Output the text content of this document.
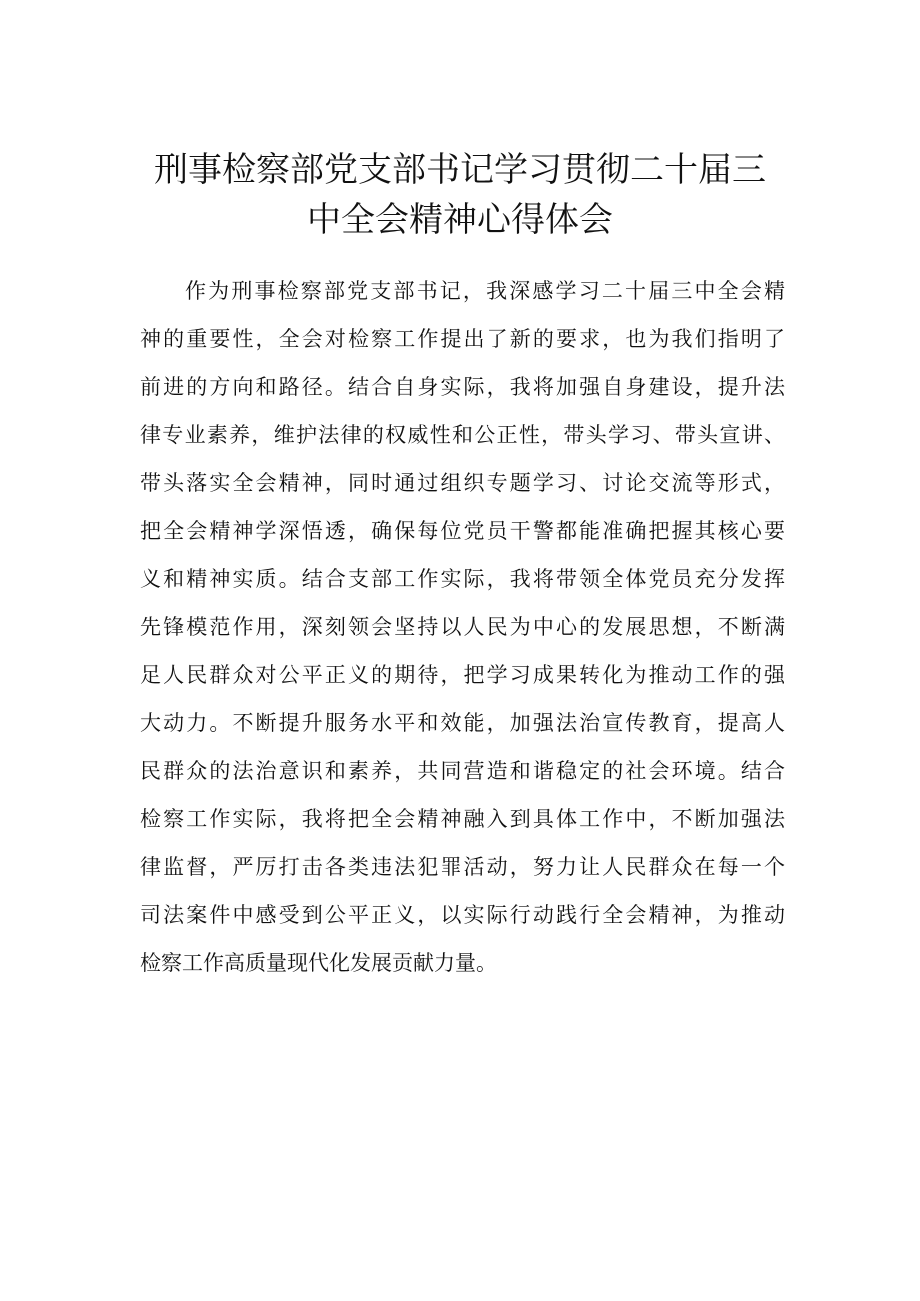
刑事检察部党支部书记学习贯彻二十届三
中全会精神心得体会
作为刑事检察部党支部书记，我深感学习二十届三中全会精
神的重要性，全会对检察工作提出了新的要求，也为我们指明了
前进的方向和路径。结合自身实际，我将加强自身建设，提升法
律专业素养，维护法律的权威性和公正性，带头学习、带头宣讲、
带头落实全会精神，同时通过组织专题学习、讨论交流等形式，
把全会精神学深悟透，确保每位党员干警都能准确把握其核心要
义和精神实质。结合支部工作实际，我将带领全体党员充分发挥
先锋模范作用，深刻领会坚持以人民为中心的发展思想，不断满
足人民群众对公平正义的期待，把学习成果转化为推动工作的强
大动力。不断提升服务水平和效能，加强法治宣传教育，提高人
民群众的法治意识和素养，共同营造和谐稳定的社会环境。结合
检察工作实际，我将把全会精神融入到具体工作中，不断加强法
律监督，严厉打击各类违法犯罪活动，努力让人民群众在每一个
司法案件中感受到公平正义，以实际行动践行全会精神，为推动
检察工作高质量现代化发展贡献力量。
